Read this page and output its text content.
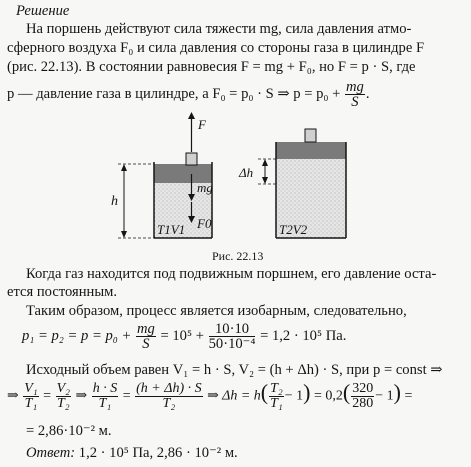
Решение
На поршень действуют сила тяжести mg, сила давления атмо-
сферного воздуха F₀ и сила давления со стороны газа в цилиндре F
(рис. 22.13). В состоянии равновесия F = mg + F₀, но F = p · S, где
p — давление газа в цилиндре, а F₀ = p₀ · S ⇒ $p = p_0 + \frac{mg}{S}$ .
F
mg
F0
h
T1V1
Δh
T2V2
Рис. 22.13
Когда газ находится под подвижным поршнем, его давление оста-
ется постоянным.
Таким образом, процесс является изобарным, следовательно,
$p_1 = p_2 = p = p_0 + \frac{mg}{S} = 10^5 + \frac{10\cdot 10}{\text{50·10⁻⁴}} = 1,2 \cdot 10^5$ Па.
Исходный объем равен V₁ = h · S, V₂ = (h + Δh) · S, при p = const ⇒
⇒ $\frac{\text{V₁}}{\text{T₁}} = \frac{\text{V₂}}{\text{T₂}}$ ⇒ $\frac{h \cdot S}{\text{T₁}} = \frac{(h + \Delta h) \cdot S}{\text{T₂}}$ ⇒ $\Delta h = h( \frac{\text{T₂}}{\text{T₁}} - 1) = 0,2( \frac{320}{280} - 1)$ =
= 2,86·10⁻² м.
Ответ: 1,2 · 10⁵ Па, 2,86 · 10⁻² м.
